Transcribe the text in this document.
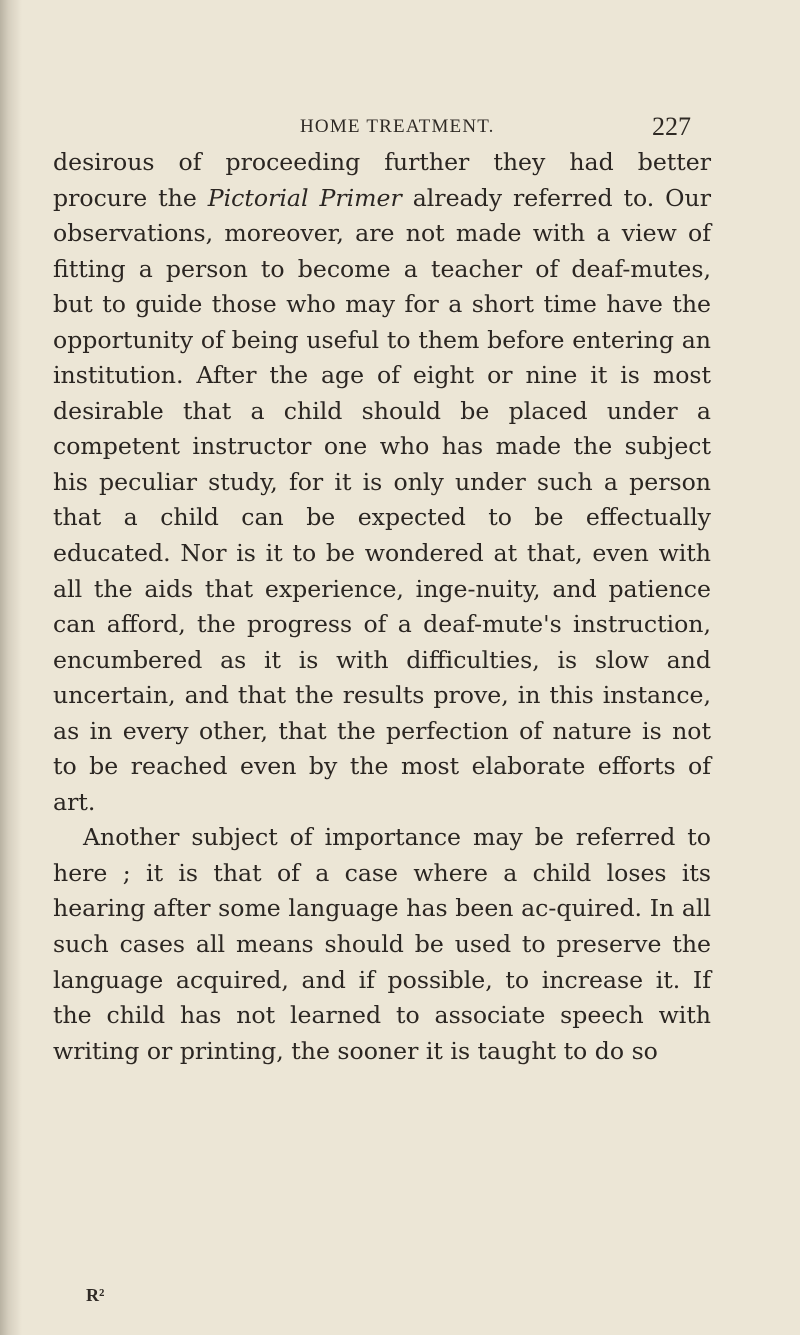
HOME TREATMENT.	227

desirous of proceeding further they had better procure the Pictorial Primer already referred to. Our observations, moreover, are not made with a view of fitting a person to become a teacher of deaf-mutes, but to guide those who may for a short time have the opportunity of being useful to them before entering an institution. After the age of eight or nine it is most desirable that a child should be placed under a competent instructor one who has made the subject his peculiar study, for it is only under such a person that a child can be expected to be effectually educated. Nor is it to be wondered at that, even with all the aids that experience, inge-nuity, and patience can afford, the progress of a deaf-mute's instruction, encumbered as it is with difficulties, is slow and uncertain, and that the results prove, in this instance, as in every other, that the perfection of nature is not to be reached even by the most elaborate efforts of art.

Another subject of importance may be referred to here ; it is that of a case where a child loses its hearing after some language has been ac-quired. In all such cases all means should be used to preserve the language acquired, and if possible, to increase it. If the child has not learned to associate speech with writing or printing, the sooner it is taught to do so

R²
